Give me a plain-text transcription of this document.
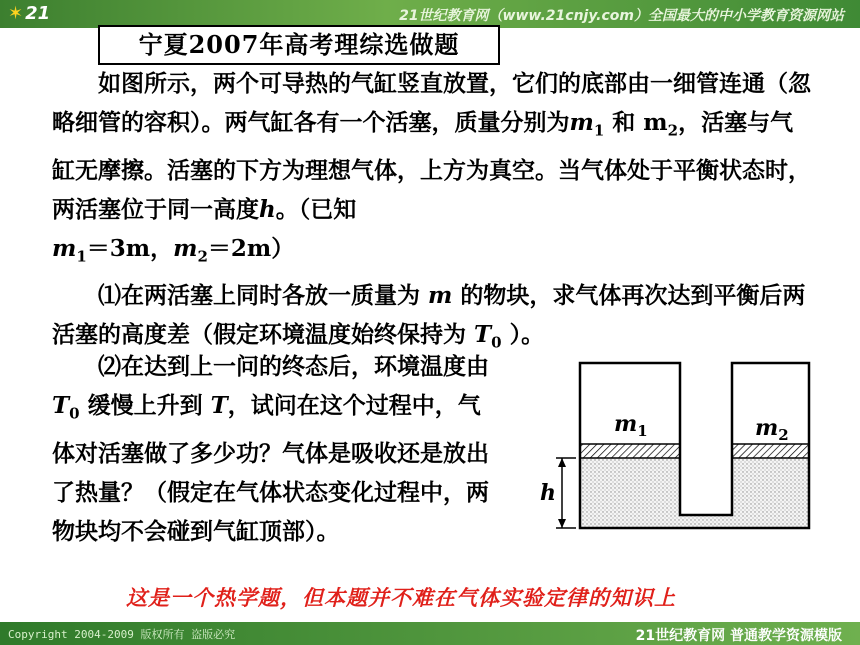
✶ 21	21世纪教育网（www.21cnjy.com）全国最大的中小学教育资源网站
宁夏2007年高考理综选做题

如图所示，两个可导热的气缸竖直放置，它们的底部由一细管连通（忽略细管的容积）。两气缸各有一个活塞，质量分别为$m_1$ 和 $m_2$，活塞与气缸无摩擦。活塞的下方为理想气体，上方为真空。当气体处于平衡状态时，两活塞位于同一高度h。（已知
$m_1=3m$，$m_2=2m$）

⑴在两活塞上同时各放一质量为 m 的物块，求气体再次达到平衡后两活塞的高度差（假定环境温度始终保持为 $T_0$ ）。

⑵在达到上一问的终态后，环境温度由 $T_0$ 缓慢上升到 T，试问在这个过程中，气体对活塞做了多少功？气体是吸收还是放出了热量？（假定在气体状态变化过程中，两物块均不会碰到气缸顶部）。

h
$m_1$	$m_2$
这是一个热学题，但本题并不难在气体实验定律的知识上
Copyright 2004-2009 版权所有 盗版必究	21世纪教育网 普通教学资源模版
